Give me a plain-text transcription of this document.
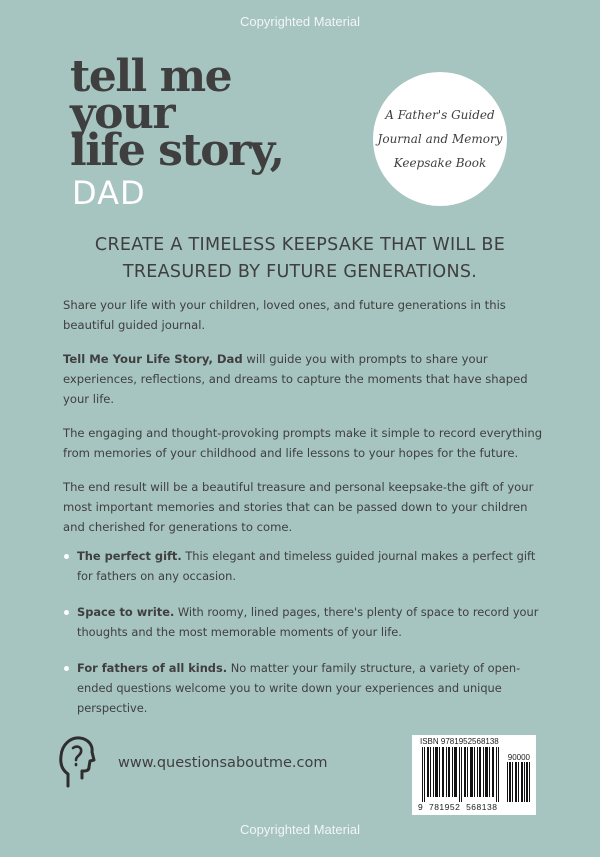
Copyrighted Material
tell me
your
life story,
DAD
A Father's Guided Journal and Memory Keepsake Book
CREATE A TIMELESS KEEPSAKE THAT WILL BE TREASURED BY FUTURE GENERATIONS.

Share your life with your children, loved ones, and future generations in this beautiful guided journal.

Tell Me Your Life Story, Dad will guide you with prompts to share your experiences, reflections, and dreams to capture the moments that have shaped your life.

The engaging and thought-provoking prompts make it simple to record everything from memories of your childhood and life lessons to your hopes for the future.

The end result will be a beautiful treasure and personal keepsake-the gift of your most important memories and stories that can be passed down to your children and cherished for generations to come.

The perfect gift. This elegant and timeless guided journal makes a perfect gift for fathers on any occasion.
Space to write. With roomy, lined pages, there's plenty of space to record your thoughts and the most memorable moments of your life.
For fathers of all kinds. No matter your family structure, a variety of open-ended questions welcome you to write down your experiences and unique perspective.
www.questionsaboutme.com
ISBN 9781952568138
90000
9 781952 568138
Copyrighted Material
